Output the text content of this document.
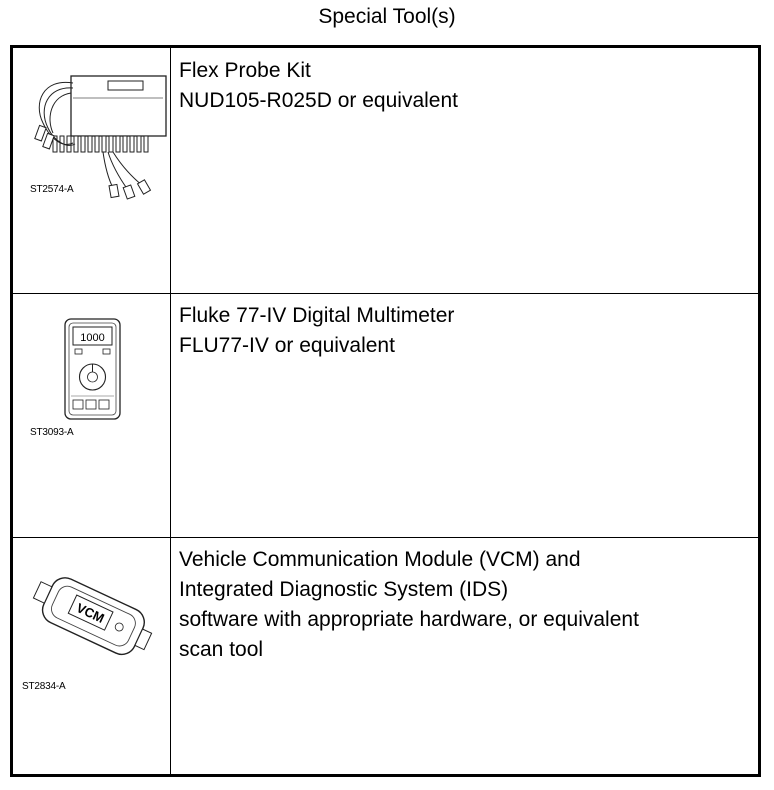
Special Tool(s)
ST2574-A
Flex Probe Kit
NUD105-R025D or equivalent
1000
ST3093-A
Fluke 77-IV Digital Multimeter
FLU77-IV or equivalent
VCM
ST2834-A
Vehicle Communication Module (VCM) and
Integrated Diagnostic System (IDS)
software with appropriate hardware, or equivalent
scan tool
